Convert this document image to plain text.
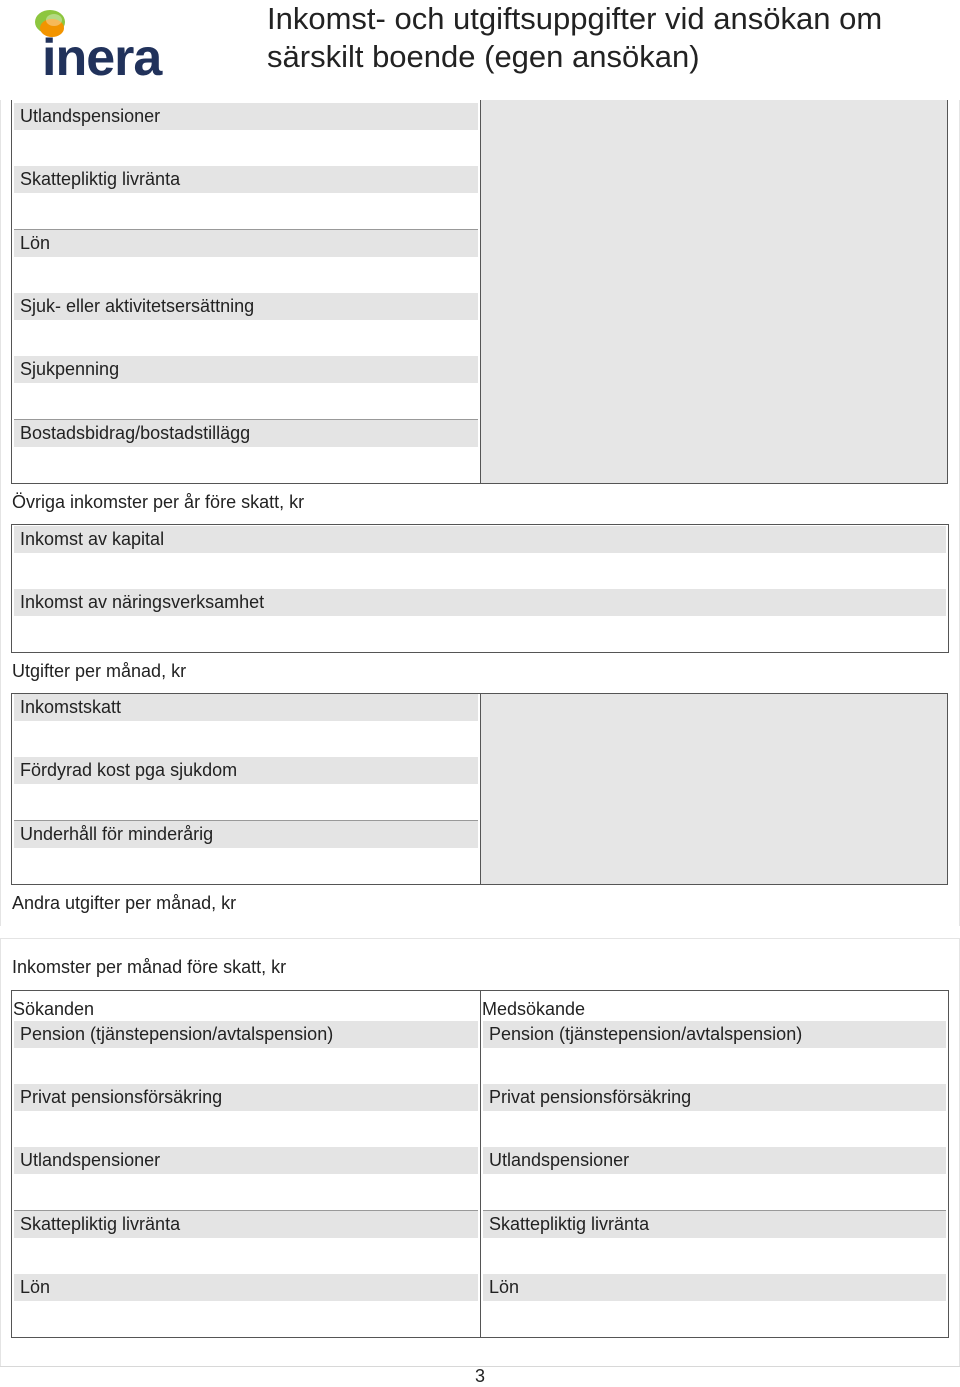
inera
Inkomst- och utgiftsuppgifter vid ansökan om särskilt boende (egen ansökan)
Utlandspensioner
Skattepliktig livränta
Lön
Sjuk- eller aktivitetsersättning
Sjukpenning
Bostadsbidrag/bostadstillägg
Övriga inkomster per år före skatt, kr
Inkomst av kapital
Inkomst av näringsverksamhet
Utgifter per månad, kr
Inkomstskatt
Fördyrad kost pga sjukdom
Underhåll för minderårig
Andra utgifter per månad, kr
Inkomster per månad före skatt, kr
Sökanden	Medsökande
Pension (tjänstepension/avtalspension)
Privat pensionsförsäkring
Utlandspensioner
Skattepliktig livränta
Lön
Pension (tjänstepension/avtalspension)
Privat pensionsförsäkring
Utlandspensioner
Skattepliktig livränta
Lön
3
